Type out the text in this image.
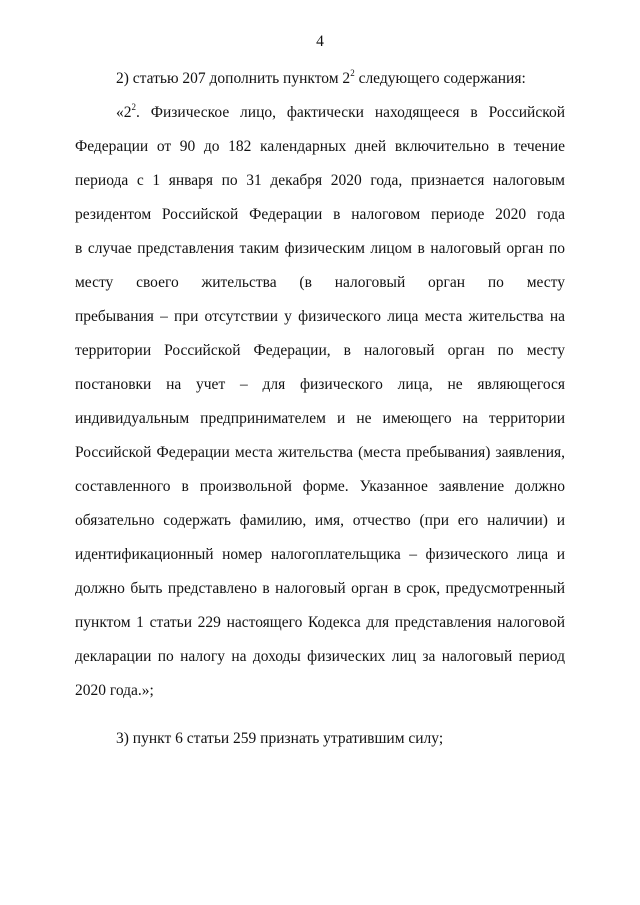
4
2) статью 207 дополнить пунктом $2^2$ следующего содержания:
«$2^2$. Физическое лицо, фактически находящееся в Российской
Федерации от 90 до 182 календарных дней включительно в течение
периода с 1 января по 31 декабря 2020 года, признается налоговым
резидентом Российской Федерации в налоговом периоде 2020 года
в случае представления таким физическим лицом в налоговый орган по
месту своего жительства (в налоговый орган по месту
пребывания – при отсутствии у физического лица места жительства на
территории Российской Федерации, в налоговый орган по месту
постановки на учет – для физического лица, не являющегося
индивидуальным предпринимателем и не имеющего на территории
Российской Федерации места жительства (места пребывания) заявления,
составленного в произвольной форме. Указанное заявление должно
обязательно содержать фамилию, имя, отчество (при его наличии) и
идентификационный номер налогоплательщика – физического лица и
должно быть представлено в налоговый орган в срок, предусмотренный
пунктом 1 статьи 229 настоящего Кодекса для представления налоговой
декларации по налогу на доходы физических лиц за налоговый период
2020 года.»;
3) пункт 6 статьи 259 признать утратившим силу;
